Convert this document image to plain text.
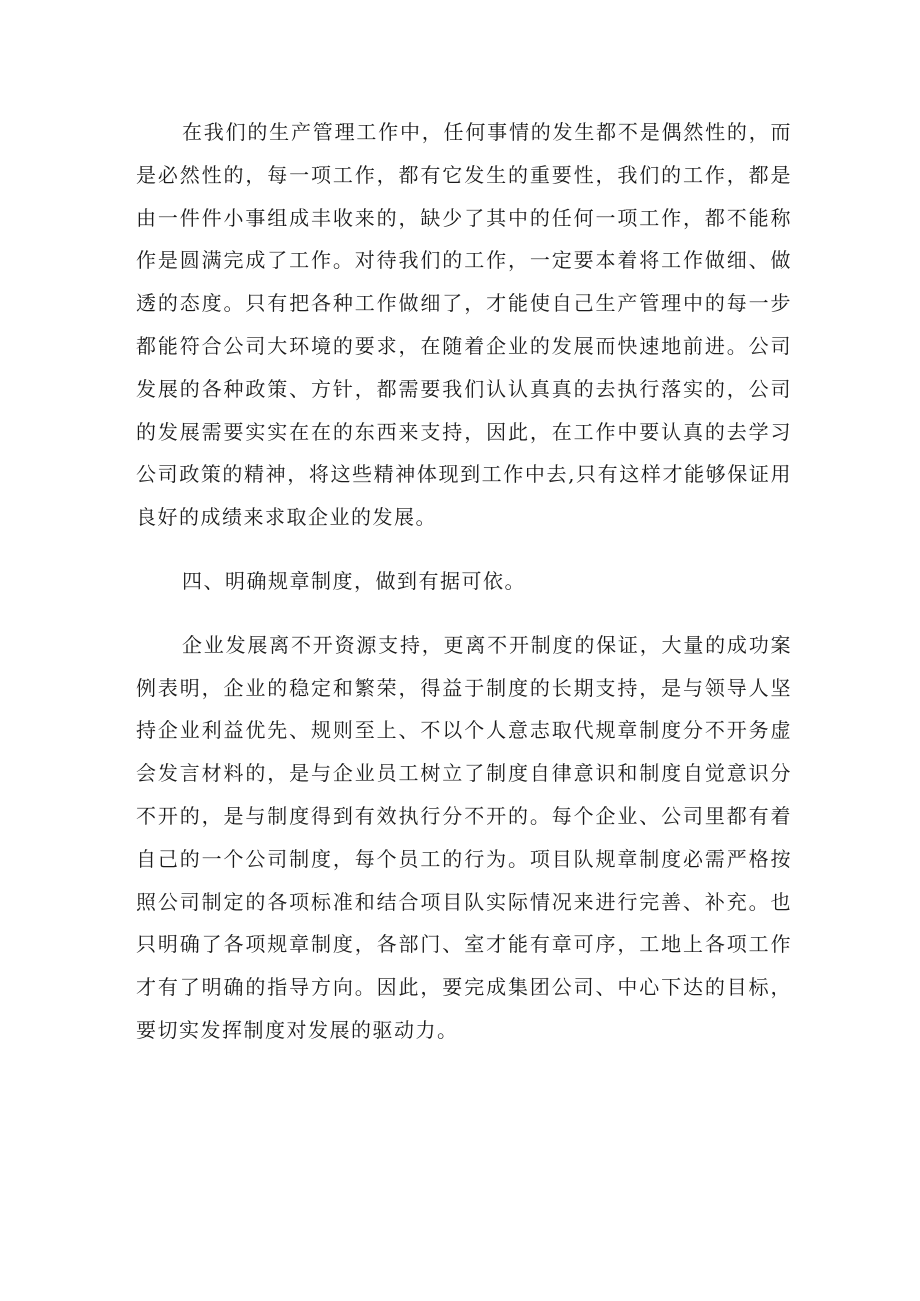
在我们的生产管理工作中，任何事情的发生都不是偶然性的，而是必然性的，每一项工作，都有它发生的重要性，我们的工作，都是由一件件小事组成丰收来的，缺少了其中的任何一项工作，都不能称作是圆满完成了工作。对待我们的工作，一定要本着将工作做细、做透的态度。只有把各种工作做细了，才能使自己生产管理中的每一步都能符合公司大环境的要求，在随着企业的发展而快速地前进。公司发展的各种政策、方针，都需要我们认认真真的去执行落实的，公司的发展需要实实在在的东西来支持，因此，在工作中要认真的去学习公司政策的精神，将这些精神体现到工作中去,只有这样才能够保证用良好的成绩来求取企业的发展。

四、明确规章制度，做到有据可依。

企业发展离不开资源支持，更离不开制度的保证，大量的成功案例表明，企业的稳定和繁荣，得益于制度的长期支持，是与领导人坚持企业利益优先、规则至上、不以个人意志取代规章制度分不开务虚会发言材料的，是与企业员工树立了制度自律意识和制度自觉意识分不开的，是与制度得到有效执行分不开的。每个企业、公司里都有着自己的一个公司制度，每个员工的行为。项目队规章制度必需严格按照公司制定的各项标准和结合项目队实际情况来进行完善、补充。也只明确了各项规章制度，各部门、室才能有章可序，工地上各项工作才有了明确的指导方向。因此，要完成集团公司、中心下达的目标，要切实发挥制度对发展的驱动力。
